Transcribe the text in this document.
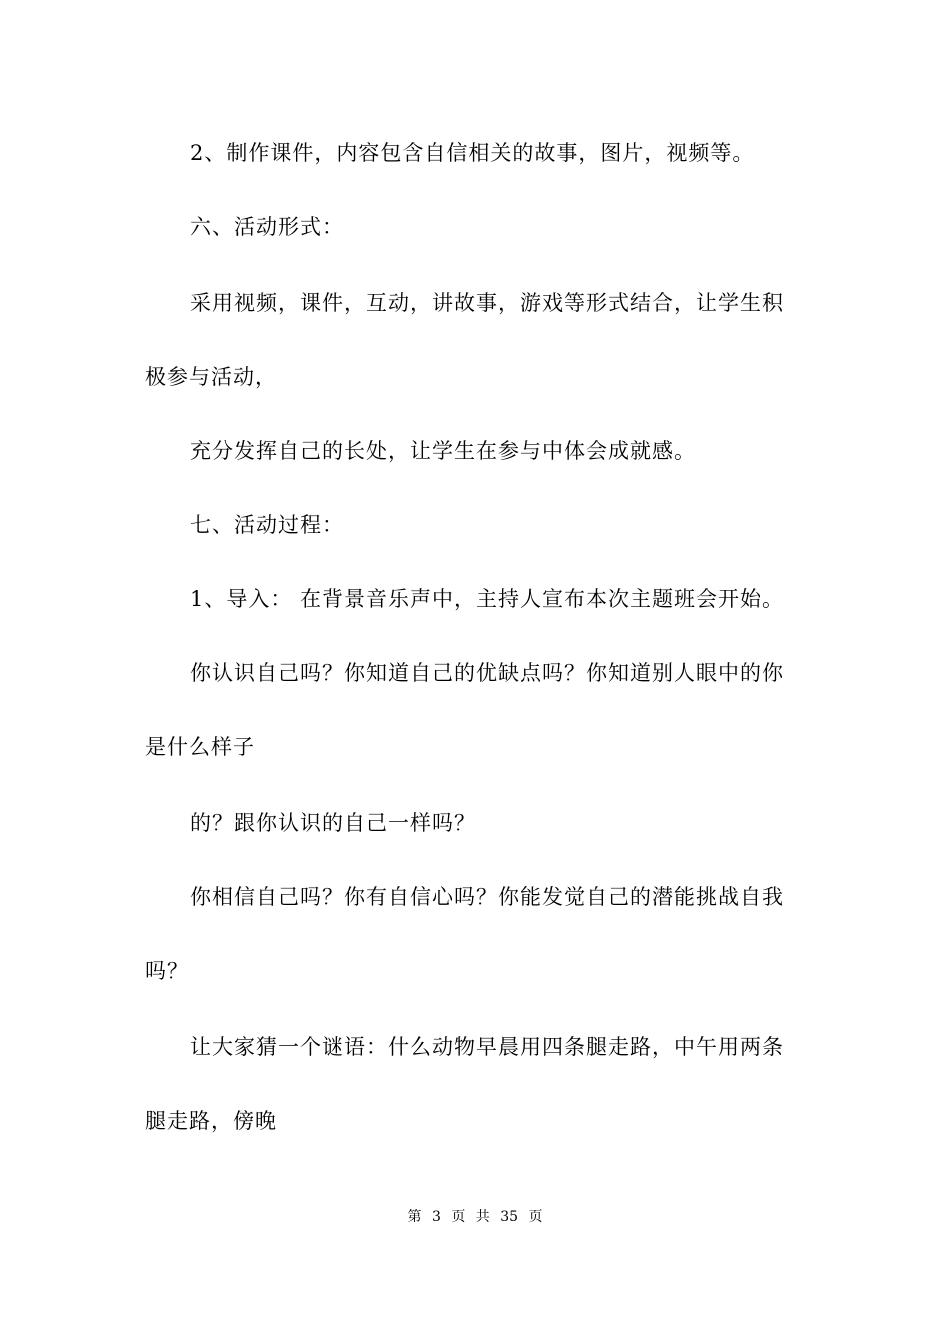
2、制作课件，内容包含自信相关的故事，图片，视频等。
六、活动形式：
采用视频，课件，互动，讲故事，游戏等形式结合，让学生积
极参与活动，
充分发挥自己的长处，让学生在参与中体会成就感。
七、活动过程：
1、导入： 在背景音乐声中，主持人宣布本次主题班会开始。
你认识自己吗？你知道自己的优缺点吗？你知道别人眼中的你
是什么样子
的？跟你认识的自己一样吗？
你相信自己吗？你有自信心吗？你能发觉自己的潜能挑战自我
吗？
让大家猜一个谜语：什么动物早晨用四条腿走路，中午用两条
腿走路，傍晚
第 3 页 共 35 页
